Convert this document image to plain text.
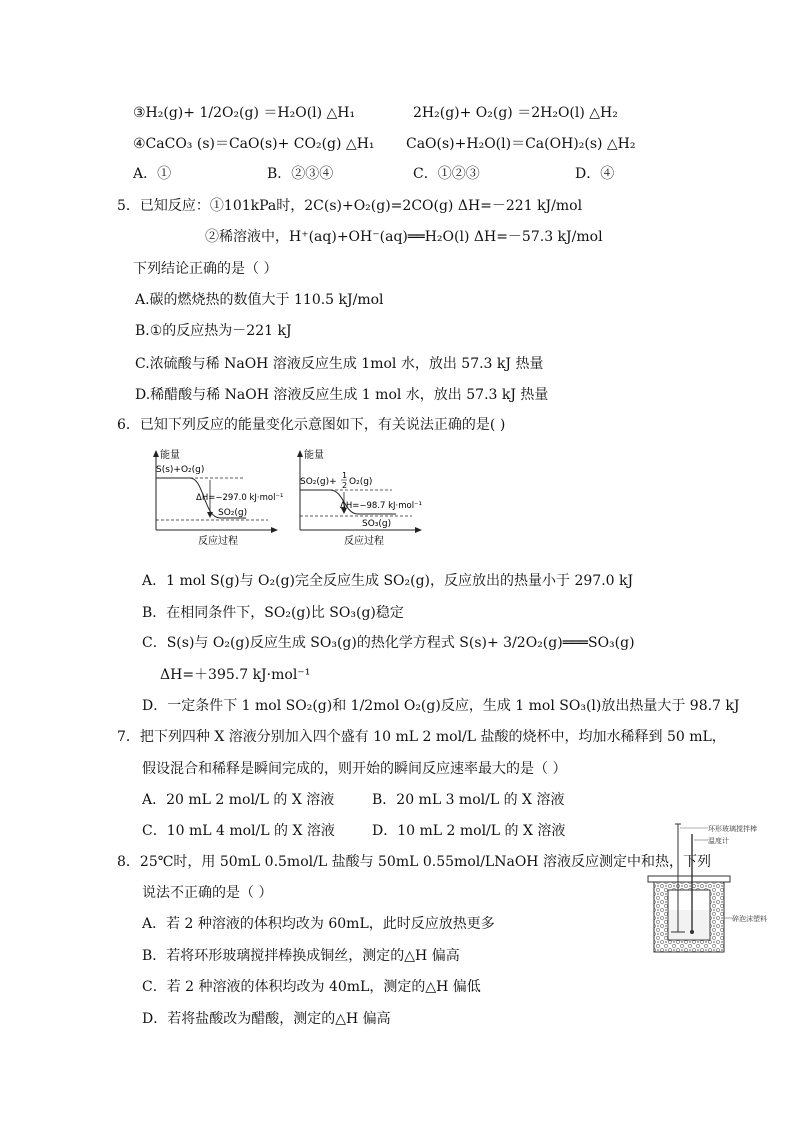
③H₂(g)+ 1/2O₂(g) ＝H₂O(l) △H₁	2H₂(g)+ O₂(g) ＝2H₂O(l) △H₂
④CaCO₃ (s)＝CaO(s)+ CO₂(g) △H₁ CaO(s)+H₂O(l)＝Ca(OH)₂(s) △H₂
A．①	B．②③④	C．①②③	D．④
5．已知反应：①101kPa时，2C(s)+O₂(g)=2CO(g) ΔH=－221 kJ/mol
②稀溶液中，H⁺(aq)+OH⁻(aq)══H₂O(l) ΔH=－57.3 kJ/mol
下列结论正确的是（ ）
A.碳的燃烧热的数值大于 110.5 kJ/mol
B.①的反应热为－221 kJ
C.浓硫酸与稀 NaOH 溶液反应生成 1mol 水，放出 57.3 kJ 热量
D.稀醋酸与稀 NaOH 溶液反应生成 1 mol 水，放出 57.3 kJ 热量
6．已知下列反应的能量变化示意图如下，有关说法正确的是( )
能量
S(s)+O₂(g)
ΔH=−297.0 kJ·mol⁻¹
SO₂(g)
反应过程
能量
SO₂(g)+
1
2 O₂(g)
ΔH=−98.7 kJ·mol⁻¹
SO₃(g)
反应过程
A．1 mol S(g)与 O₂(g)完全反应生成 SO₂(g)，反应放出的热量小于 297.0 kJ
B．在相同条件下，SO₂(g)比 SO₃(g)稳定
C．S(s)与 O₂(g)反应生成 SO₃(g)的热化学方程式 S(s)+ 3/2O₂(g)═══SO₃(g)
ΔH=＋395.7 kJ·mol⁻¹
D．一定条件下 1 mol SO₂(g)和 1/2mol O₂(g)反应，生成 1 mol SO₃(l)放出热量大于 98.7 kJ
7．把下列四种 X 溶液分别加入四个盛有 10 mL 2 mol/L 盐酸的烧杯中，均加水稀释到 50 mL，
假设混合和稀释是瞬间完成的，则开始的瞬间反应速率最大的是（ ）
A．20 mL 2 mol/L 的 X 溶液	B．20 mL 3 mol/L 的 X 溶液
C．10 mL 4 mol/L 的 X 溶液	D．10 mL 2 mol/L 的 X 溶液
8．25℃时，用 50mL 0.5mol/L 盐酸与 50mL 0.55mol/LNaOH 溶液反应测定中和热，下列
说法不正确的是（ ）
A．若 2 种溶液的体积均改为 60mL，此时反应放热更多
B．若将环形玻璃搅拌棒换成铜丝，测定的△H 偏高
C．若 2 种溶液的体积均改为 40mL，测定的△H 偏低
D．若将盐酸改为醋酸，测定的△H 偏高
环形玻璃搅拌棒
温度计
碎泡沫塑料
